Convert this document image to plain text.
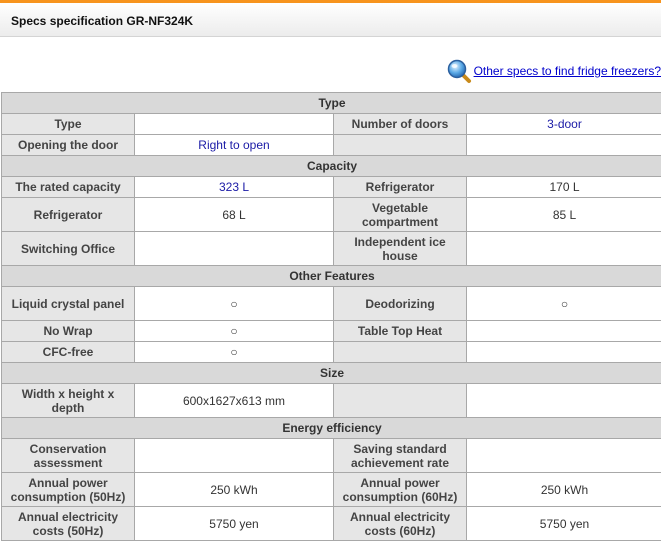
Specs specification GR-NF324K
Other specs to find fridge freezers?
Type			
Type		Number of doors	3-door
Opening the door	Right to open		
Capacity			
The rated capacity	323 L	Refrigerator	170 L
Refrigerator	68 L	Vegetable compartment	85 L
Switching Office		Independent ice house	
Other Features			
Liquid crystal panel	○	Deodorizing	○
No Wrap	○	Table Top Heat	
CFC-free	○		
Size			
Width x height x depth	600x1627x613 mm		
Energy efficiency			
Conservation assessment		Saving standard achievement rate	
Annual power consumption (50Hz)	250 kWh	Annual power consumption (60Hz)	250 kWh
Annual electricity costs (50Hz)	5750 yen	Annual electricity costs (60Hz)	5750 yen
